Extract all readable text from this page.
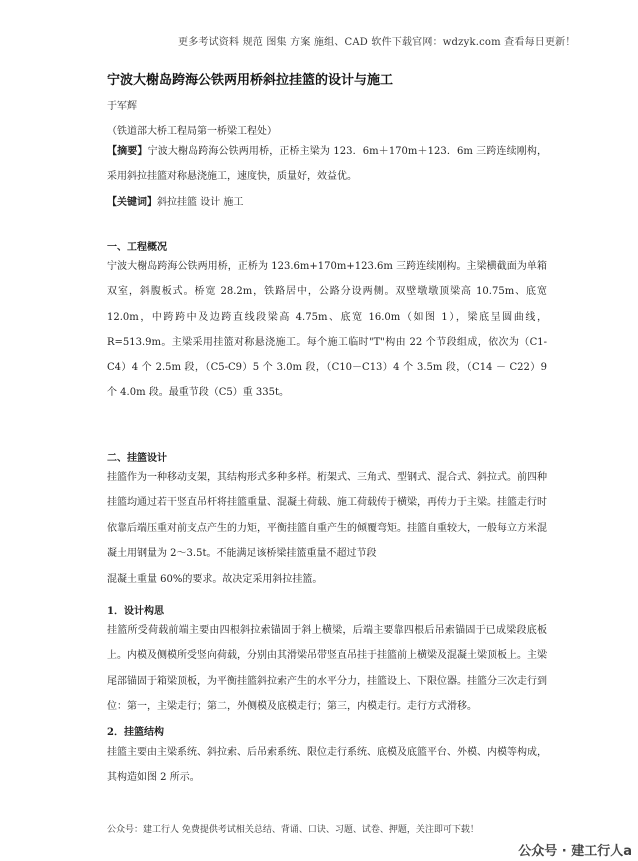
更多考试资料 规范 图集 方案 施组、CAD 软件下载官网：wdzyk.com 查看每日更新！
宁波大榭岛跨海公铁两用桥斜拉挂篮的设计与施工
于军辉
（铁道部大桥工程局第一桥梁工程处）
【摘要】宁波大榭岛跨海公铁两用桥，正桥主梁为 123．6m＋170m＋123．6m 三跨连续刚构，采用斜拉挂篮对称悬浇施工，速度快，质量好，效益优。
【关键词】斜拉挂篮 设计 施工
一、工程概况
宁波大榭岛跨海公铁两用桥，正桥为 123.6m+170m+123.6m 三跨连续刚构。主梁横截面为单箱双室，斜腹板式。桥宽 28.2m，铁路居中，公路分设两侧。双壁墩墩顶梁高 10.75m、底宽 12.0m，中跨跨中及边跨直线段梁高 4.75m、底宽 16.0m（如图 1），梁底呈圆曲线，R=513.9m。主梁采用挂篮对称悬浇施工。每个施工临时"T"构由 22 个节段组成，依次为（C1-C4）4 个 2.5m 段，（C5-C9）5 个 3.0m 段，（C10－C13）4 个 3.5m 段，（C14 － C22）9 个 4.0m 段。最重节段（C5）重 335t。
二、挂篮设计
挂篮作为一种移动支架，其结构形式多种多样。桁架式、三角式、型钢式、混合式、斜拉式。前四种挂篮均通过若干竖直吊杆将挂篮重量、混凝土荷载、施工荷载传于横梁，再传力于主梁。挂篮走行时依靠后端压重对前支点产生的力矩，平衡挂篮自重产生的倾覆弯矩。挂篮自重较大，一般每立方米混凝土用钢量为 2～3.5t。不能满足该桥梁挂篮重量不超过节段
混凝土重量 60%的要求。故决定采用斜拉挂篮。
1．设计构思
挂篮所受荷载前端主要由四根斜拉索锚固于斜上横梁，后端主要靠四根后吊索锚固于已成梁段底板上。内模及侧模所受竖向荷载，分别由其滑梁吊带竖直吊挂于挂篮前上横梁及混凝土梁顶板上。主梁尾部锚固于箱梁顶板，为平衡挂篮斜拉索产生的水平分力，挂篮设上、下限位器。挂篮分三次走行到位：第一，主梁走行；第二，外侧模及底模走行；第三，内模走行。走行方式滑移。
2．挂篮结构
挂篮主要由主梁系统、斜拉索、后吊索系统、限位走行系统、底模及底篮平台、外模、内模等构成，其构造如图 2 所示。
公众号：建工行人 免费提供考试相关总结、背诵、口诀、习题、试卷、押题，关注即可下载！
公众号 · 建工行人a
